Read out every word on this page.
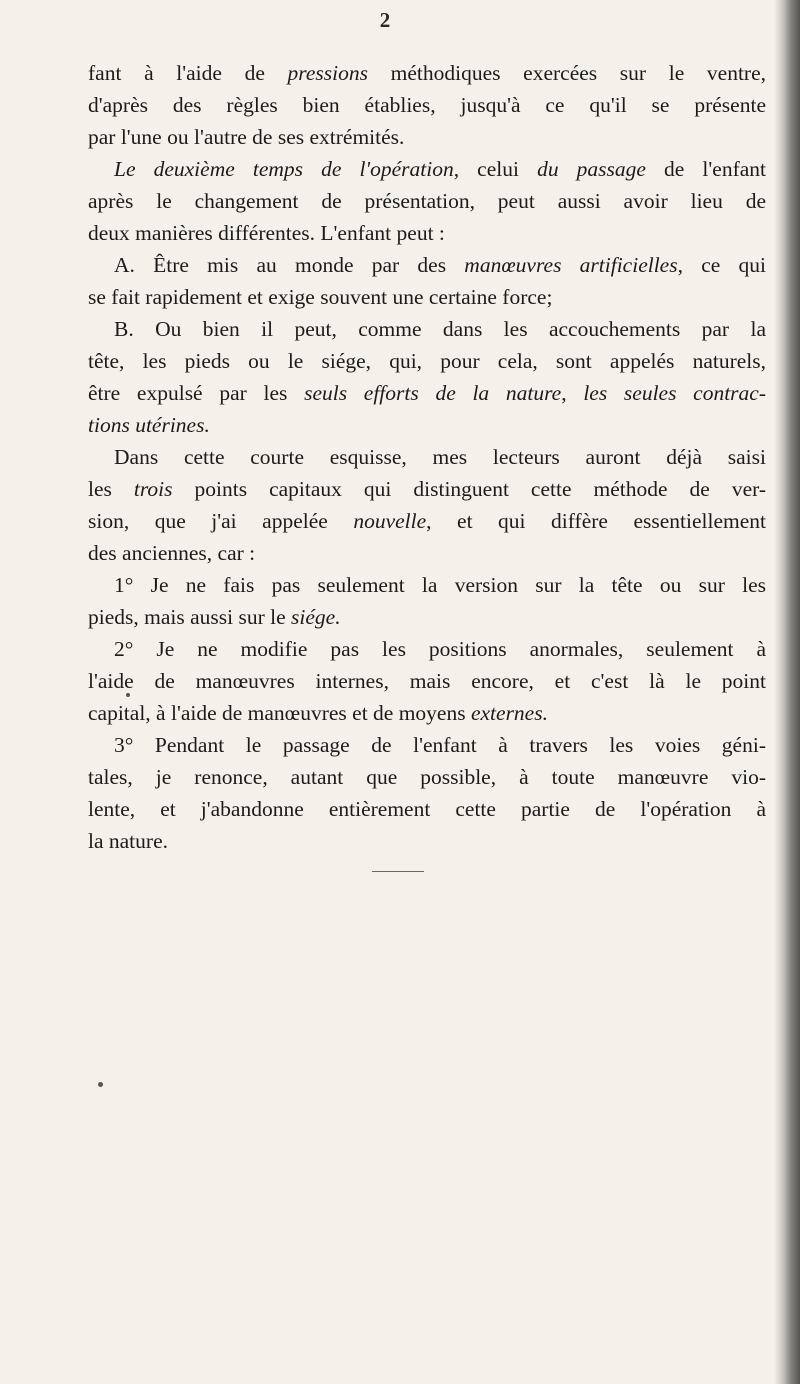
2

fant à l'aide de pressions méthodiques exercées sur le ventre,
d'après des règles bien établies, jusqu'à ce qu'il se présente
par l'une ou l'autre de ses extrémités.

Le deuxième temps de l'opération, celui du passage de l'enfant
après le changement de présentation, peut aussi avoir lieu de
deux manières différentes. L'enfant peut :

A. Être mis au monde par des manœuvres artificielles, ce qui
se fait rapidement et exige souvent une certaine force;

B. Ou bien il peut, comme dans les accouchements par la
tête, les pieds ou le siége, qui, pour cela, sont appelés naturels,
être expulsé par les seuls efforts de la nature, les seules contrac-
tions utérines.

Dans cette courte esquisse, mes lecteurs auront déjà saisi
les trois points capitaux qui distinguent cette méthode de ver-
sion, que j'ai appelée nouvelle, et qui diffère essentiellement
des anciennes, car :

1° Je ne fais pas seulement la version sur la tête ou sur les
pieds, mais aussi sur le siége.

2° Je ne modifie pas les positions anormales, seulement à
l'aide de manœuvres internes, mais encore, et c'est là le point
capital, à l'aide de manœuvres et de moyens externes.

3° Pendant le passage de l'enfant à travers les voies géni-
tales, je renonce, autant que possible, à toute manœuvre vio-
lente, et j'abandonne entièrement cette partie de l'opération à
la nature.
